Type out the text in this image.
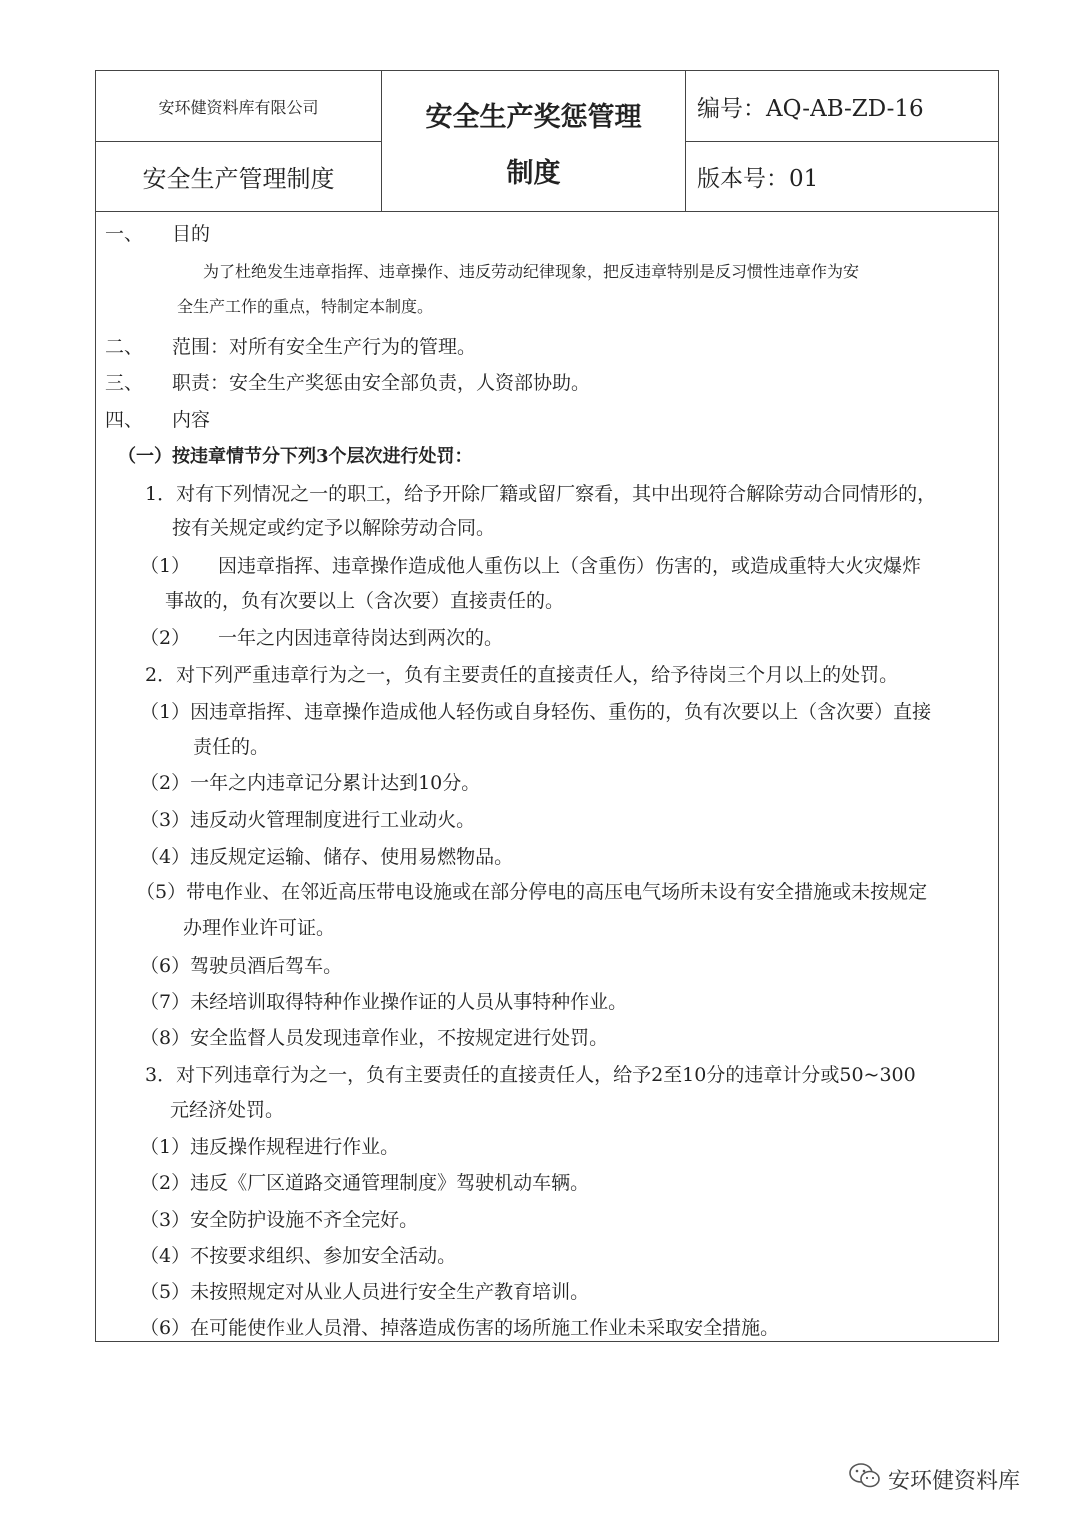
安环健资料库有限公司
安全生产管理制度
安全生产奖惩管理
制度
编号：AQ-AB-ZD-16
版本号：01
一、 目的
为了杜绝发生违章指挥、违章操作、违反劳动纪律现象，把反违章特别是反习惯性违章作为安
全生产工作的重点，特制定本制度。
二、 范围：对所有安全生产行为的管理。
三、 职责：安全生产奖惩由安全部负责，人资部协助。
四、 内容
（一）按违章情节分下列3个层次进行处罚：
1．对有下列情况之一的职工，给予开除厂籍或留厂察看，其中出现符合解除劳动合同情形的，
按有关规定或约定予以解除劳动合同。
（1） 因违章指挥、违章操作造成他人重伤以上（含重伤）伤害的，或造成重特大火灾爆炸
事故的，负有次要以上（含次要）直接责任的。
（2） 一年之内因违章待岗达到两次的。
2．对下列严重违章行为之一，负有主要责任的直接责任人，给予待岗三个月以上的处罚。
（1）因违章指挥、违章操作造成他人轻伤或自身轻伤、重伤的，负有次要以上（含次要）直接
责任的。
（2）一年之内违章记分累计达到10分。
（3）违反动火管理制度进行工业动火。
（4）违反规定运输、储存、使用易燃物品。
（5）带电作业、在邻近高压带电设施或在部分停电的高压电气场所未设有安全措施或未按规定
办理作业许可证。
（6）驾驶员酒后驾车。
（7）未经培训取得特种作业操作证的人员从事特种作业。
（8）安全监督人员发现违章作业，不按规定进行处罚。
3．对下列违章行为之一，负有主要责任的直接责任人，给予2至10分的违章计分或50~300
元经济处罚。
（1）违反操作规程进行作业。
（2）违反《厂区道路交通管理制度》驾驶机动车辆。
（3）安全防护设施不齐全完好。
（4）不按要求组织、参加安全活动。
（5）未按照规定对从业人员进行安全生产教育培训。
（6）在可能使作业人员滑、掉落造成伤害的场所施工作业未采取安全措施。
安环健资料库
